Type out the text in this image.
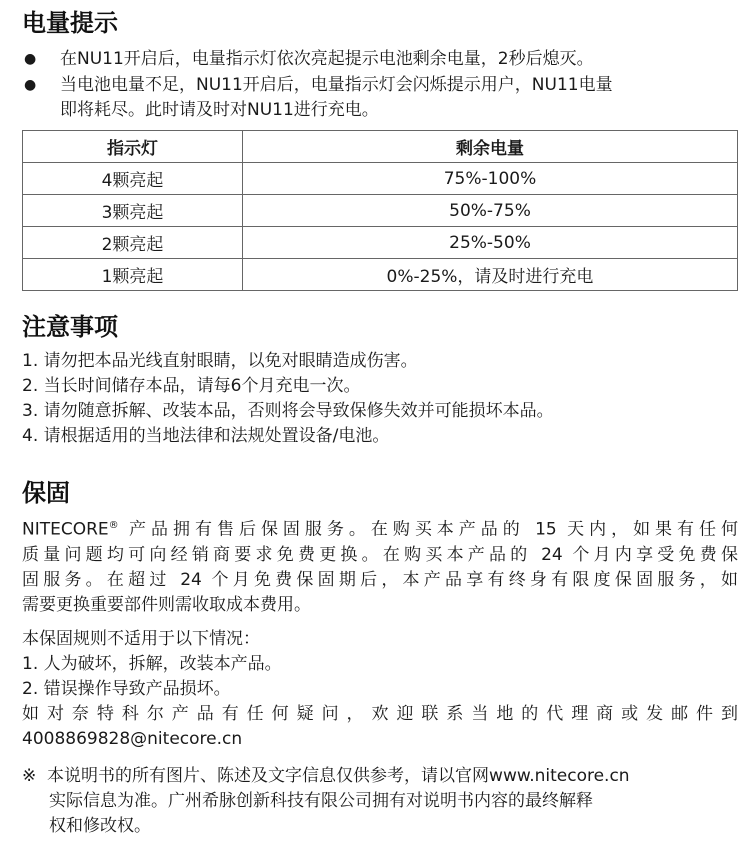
电量提示
●	在NU11开启后，电量指示灯依次亮起提示电池剩余电量，2秒后熄灭。
●	当电池电量不足，NU11开启后，电量指示灯会闪烁提示用户，NU11电量
即将耗尽。此时请及时对NU11进行充电。
指示灯	剩余电量
4颗亮起	75%-100%
3颗亮起	50%-75%
2颗亮起	25%-50%
1颗亮起	0%-25%，请及时进行充电
注意事项
1. 请勿把本品光线直射眼睛，以免对眼睛造成伤害。
2. 当长时间储存本品，请每6个月充电一次。
3. 请勿随意拆解、改装本品，否则将会导致保修失效并可能损坏本品。
4. 请根据适用的当地法律和法规处置设备/电池。
保固
NITECORE® 产品拥有售后保固服务。在购买本产品的 15 天内，如果有任何
质量问题均可向经销商要求免费更换。在购买本产品的 24 个月内享受免费保
固服务。在超过 24 个月免费保固期后，本产品享有终身有限度保固服务，如
需要更换重要部件则需收取成本费用。
本保固规则不适用于以下情况：
1. 人为破坏，拆解，改装本产品。
2. 错误操作导致产品损坏。
如对奈特科尔产品有任何疑问，欢迎联系当地的代理商或发邮件到
4008869828@nitecore.cn
※  本说明书的所有图片、陈述及文字信息仅供参考，请以官网www.nitecore.cn
实际信息为准。广州希脉创新科技有限公司拥有对说明书内容的最终解释
权和修改权。
